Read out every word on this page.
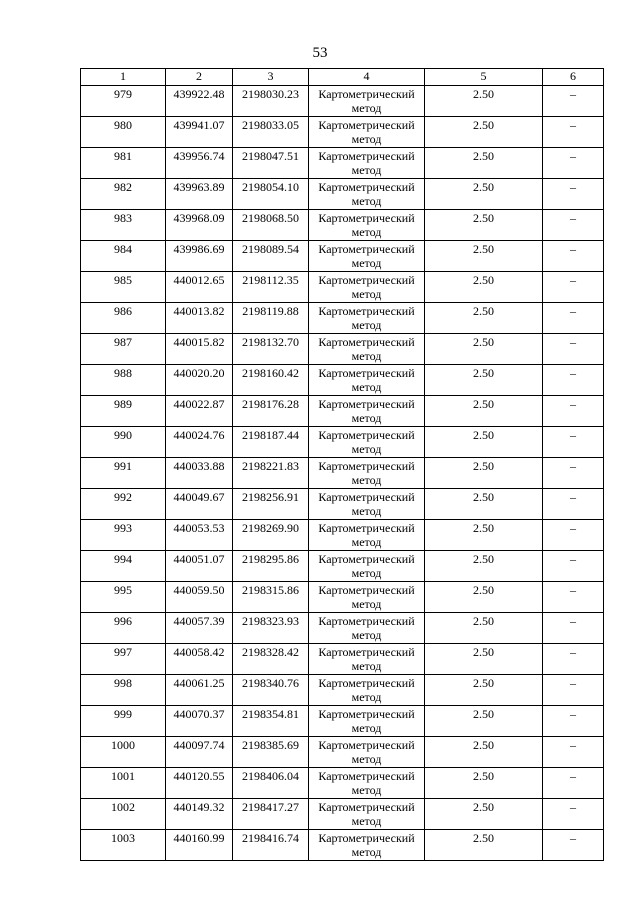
53
1	2	3	4	5	6
979	439922.48	2198030.23	Картометрический метод	2.50	–
980	439941.07	2198033.05	Картометрический метод	2.50	–
981	439956.74	2198047.51	Картометрический метод	2.50	–
982	439963.89	2198054.10	Картометрический метод	2.50	–
983	439968.09	2198068.50	Картометрический метод	2.50	–
984	439986.69	2198089.54	Картометрический метод	2.50	–
985	440012.65	2198112.35	Картометрический метод	2.50	–
986	440013.82	2198119.88	Картометрический метод	2.50	–
987	440015.82	2198132.70	Картометрический метод	2.50	–
988	440020.20	2198160.42	Картометрический метод	2.50	–
989	440022.87	2198176.28	Картометрический метод	2.50	–
990	440024.76	2198187.44	Картометрический метод	2.50	–
991	440033.88	2198221.83	Картометрический метод	2.50	–
992	440049.67	2198256.91	Картометрический метод	2.50	–
993	440053.53	2198269.90	Картометрический метод	2.50	–
994	440051.07	2198295.86	Картометрический метод	2.50	–
995	440059.50	2198315.86	Картометрический метод	2.50	–
996	440057.39	2198323.93	Картометрический метод	2.50	–
997	440058.42	2198328.42	Картометрический метод	2.50	–
998	440061.25	2198340.76	Картометрический метод	2.50	–
999	440070.37	2198354.81	Картометрический метод	2.50	–
1000	440097.74	2198385.69	Картометрический метод	2.50	–
1001	440120.55	2198406.04	Картометрический метод	2.50	–
1002	440149.32	2198417.27	Картометрический метод	2.50	–
1003	440160.99	2198416.74	Картометрический метод	2.50	–
